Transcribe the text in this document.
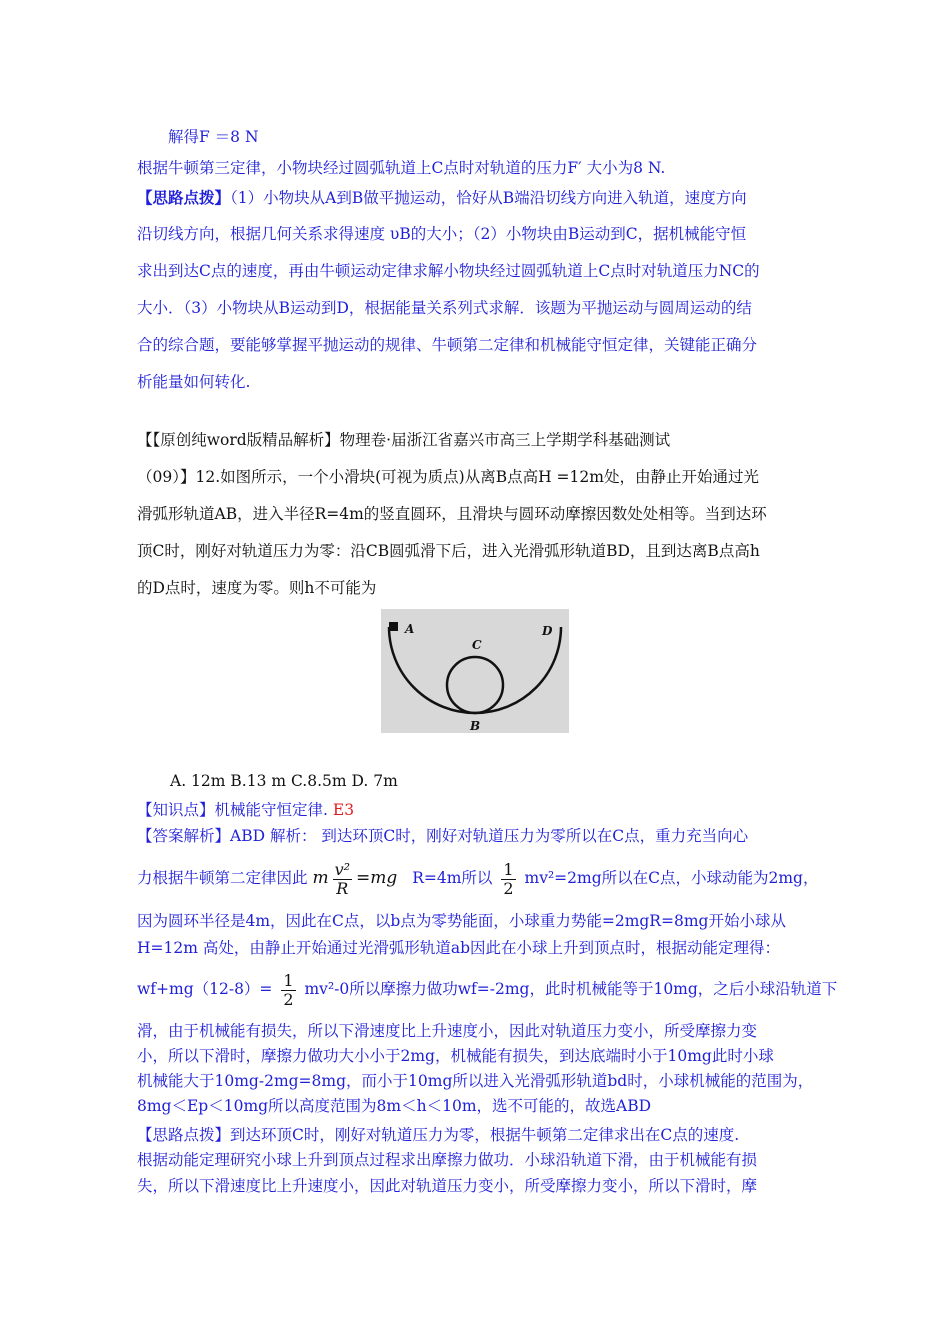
解得F ＝8 N
根据牛顿第三定律，小物块经过圆弧轨道上C点时对轨道的压力F′ 大小为8 N.
【思路点拨】（1）小物块从A到B做平抛运动，恰好从B端沿切线方向进入轨道，速度方向
沿切线方向，根据几何关系求得速度 υB的大小；（2）小物块由B运动到C，据机械能守恒
求出到达C点的速度，再由牛顿运动定律求解小物块经过圆弧轨道上C点时对轨道压力NC的
大小．（3）小物块从B运动到D，根据能量关系列式求解．该题为平抛运动与圆周运动的结
合的综合题，要能够掌握平抛运动的规律、牛顿第二定律和机械能守恒定律，关键能正确分
析能量如何转化.
【【原创纯word版精品解析】物理卷·届浙江省嘉兴市高三上学期学科基础测试
（09）】12.如图所示，一个小滑块(可视为质点)从离B点高H =12m处，由静止开始通过光
滑弧形轨道AB，进入半径R=4m的竖直圆环，且滑块与圆环动摩擦因数处处相等。当到达环
顶C时，刚好对轨道压力为零：沿CB圆弧滑下后，进入光滑弧形轨道BD，且到达离B点高h
的D点时，速度为零。则h不可能为
A
C
D
B
A. 12m B.13 m C.8.5m D. 7m
【知识点】机械能守恒定律. E3
【答案解析】ABD 解析： 到达环顶C时，刚好对轨道压力为零所以在C点，重力充当向心
力根据牛顿第二定律因此 m $\frac{\text{v²}}{R} =mg$ R=4m所以 $\frac{1}{2} mv^2=2mg$所以在C点，小球动能为2mg，
因为圆环半径是4m，因此在C点，以b点为零势能面，小球重力势能=2mgR=8mg开始小球从
H=12m 高处，由静止开始通过光滑弧形轨道ab因此在小球上升到顶点时，根据动能定理得：
$wf+mg(12-8)= \frac{1}{2} mv^2-0$所以摩擦力做功wf=-2mg，此时机械能等于10mg，之后小球沿轨道下
滑，由于机械能有损失，所以下滑速度比上升速度小，因此对轨道压力变小，所受摩擦力变
小，所以下滑时，摩擦力做功大小小于2mg，机械能有损失，到达底端时小于10mg此时小球
机械能大于10mg-2mg=8mg，而小于10mg所以进入光滑弧形轨道bd时，小球机械能的范围为，
8mg＜Ep＜10mg所以高度范围为8m＜h＜10m，选不可能的，故选ABD
【思路点拨】到达环顶C时，刚好对轨道压力为零，根据牛顿第二定律求出在C点的速度.
根据动能定理研究小球上升到顶点过程求出摩擦力做功．小球沿轨道下滑，由于机械能有损
失，所以下滑速度比上升速度小，因此对轨道压力变小，所受摩擦力变小，所以下滑时，摩
